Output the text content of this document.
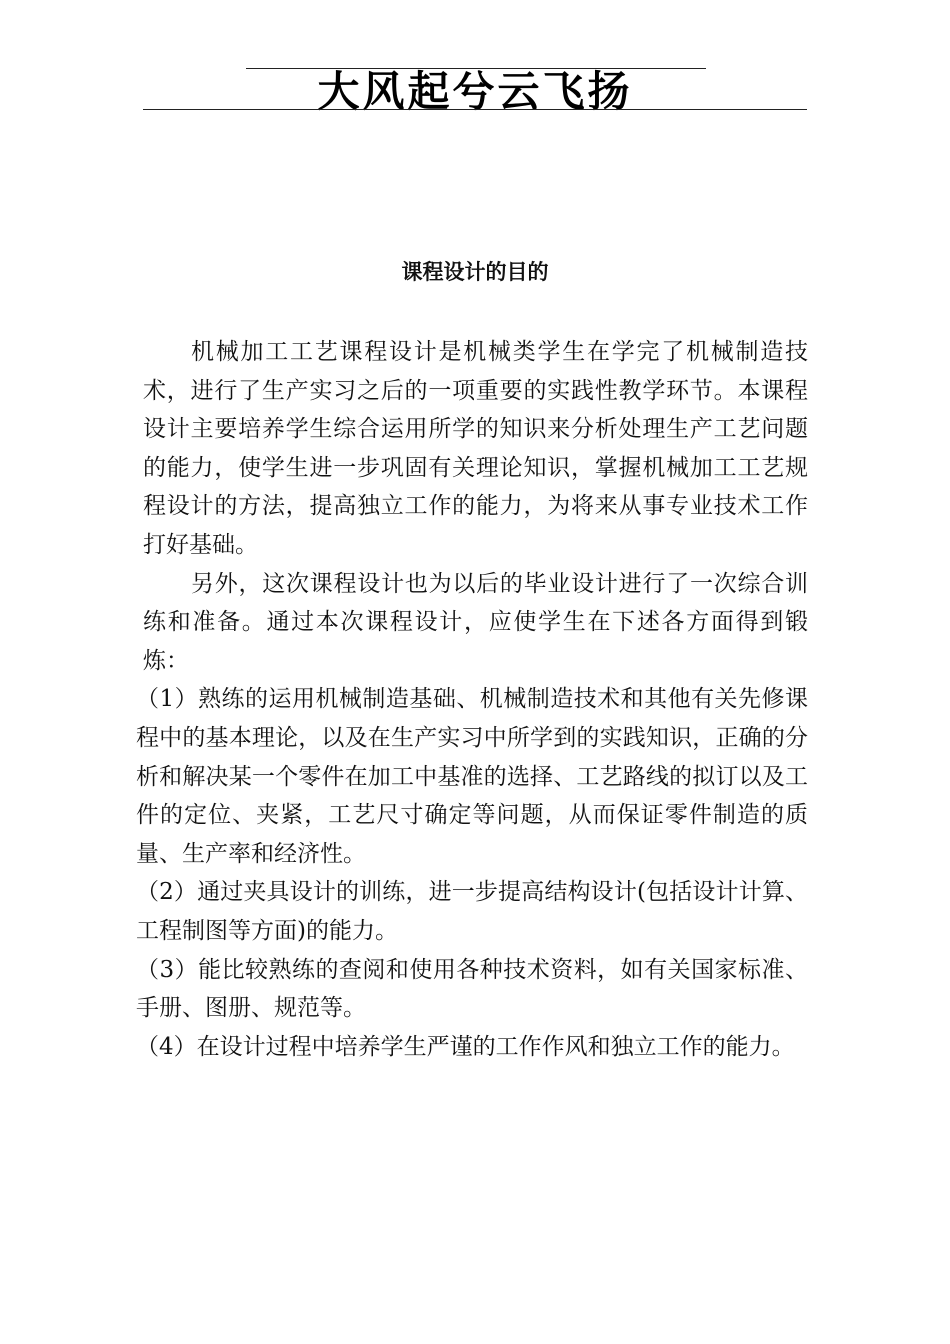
大风起兮云飞扬
课程设计的目的

机械加工工艺课程设计是机械类学生在学完了机械制造技术，进行了生产实习之后的一项重要的实践性教学环节。本课程设计主要培养学生综合运用所学的知识来分析处理生产工艺问题的能力，使学生进一步巩固有关理论知识，掌握机械加工工艺规程设计的方法，提高独立工作的能力，为将来从事专业技术工作打好基础。

另外，这次课程设计也为以后的毕业设计进行了一次综合训练和准备。通过本次课程设计，应使学生在下述各方面得到锻炼：

（1）熟练的运用机械制造基础、机械制造技术和其他有关先修课程中的基本理论，以及在生产实习中所学到的实践知识，正确的分析和解决某一个零件在加工中基准的选择、工艺路线的拟订以及工件的定位、夹紧，工艺尺寸确定等问题，从而保证零件制造的质量、生产率和经济性。

（2）通过夹具设计的训练，进一步提高结构设计(包括设计计算、工程制图等方面)的能力。

（3）能比较熟练的查阅和使用各种技术资料，如有关国家标准、手册、图册、规范等。

（4）在设计过程中培养学生严谨的工作作风和独立工作的能力。
